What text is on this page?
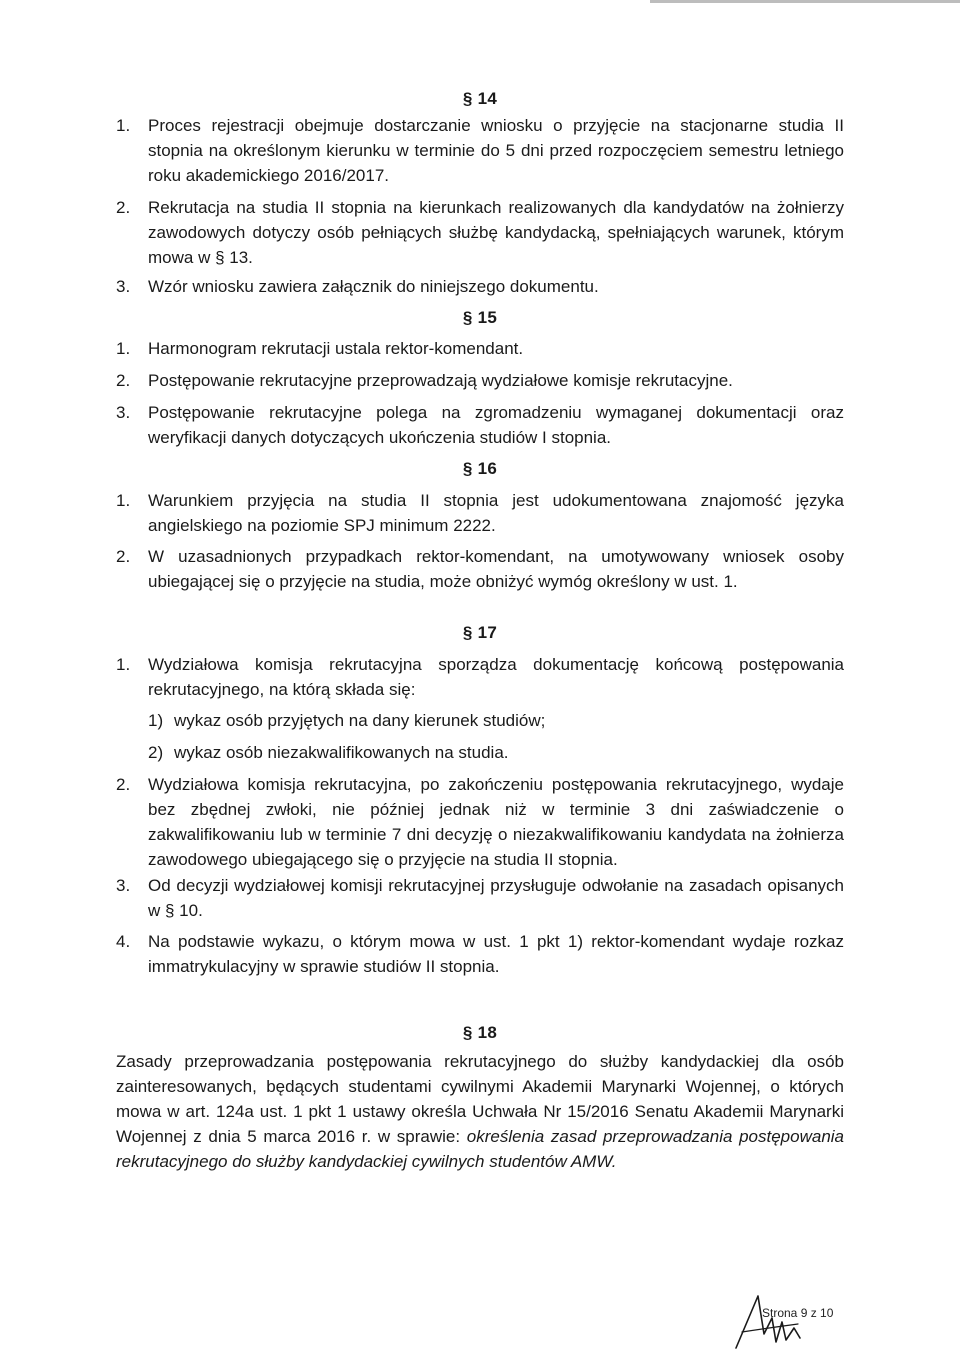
§ 14
1.	Proces rejestracji obejmuje dostarczanie wniosku o przyjęcie na stacjonarne studia II stopnia na określonym kierunku w terminie do 5 dni przed rozpoczęciem semestru letniego roku akademickiego 2016/2017.
2.	Rekrutacja na studia II stopnia na kierunkach realizowanych dla kandydatów na żołnierzy zawodowych dotyczy osób pełniących służbę kandydacką, spełniających warunek, którym mowa w § 13.
3.	Wzór wniosku zawiera załącznik do niniejszego dokumentu.
§ 15
1.	Harmonogram rekrutacji ustala rektor-komendant.
2.	Postępowanie rekrutacyjne przeprowadzają wydziałowe komisje rekrutacyjne.
3.	Postępowanie rekrutacyjne polega na zgromadzeniu wymaganej dokumentacji oraz weryfikacji danych dotyczących ukończenia studiów I stopnia.
§ 16
1.	Warunkiem przyjęcia na studia II stopnia jest udokumentowana znajomość języka angielskiego na poziomie SPJ minimum 2222.
2.	W uzasadnionych przypadkach rektor-komendant, na umotywowany wniosek osoby ubiegającej się o przyjęcie na studia, może obniżyć wymóg określony w ust. 1.
§ 17
1.	Wydziałowa komisja rekrutacyjna sporządza dokumentację końcową postępowania rekrutacyjnego, na którą składa się:
1) wykaz osób przyjętych na dany kierunek studiów;
2) wykaz osób niezakwalifikowanych na studia.
2.	Wydziałowa komisja rekrutacyjna, po zakończeniu postępowania rekrutacyjnego, wydaje bez zbędnej zwłoki, nie później jednak niż w terminie 3 dni zaświadczenie o zakwalifikowaniu lub w terminie 7 dni decyzję o niezakwalifikowaniu kandydata na żołnierza zawodowego ubiegającego się o przyjęcie na studia II stopnia.
3.	Od decyzji wydziałowej komisji rekrutacyjnej przysługuje odwołanie na zasadach opisanych w § 10.
4.	Na podstawie wykazu, o którym mowa w ust. 1 pkt 1) rektor-komendant wydaje rozkaz immatrykulacyjny w sprawie studiów II stopnia.
§ 18
Zasady przeprowadzania postępowania rekrutacyjnego do służby kandydackiej dla osób zainteresowanych, będących studentami cywilnymi Akademii Marynarki Wojennej, o których mowa w art. 124a ust. 1 pkt 1 ustawy określa Uchwała Nr 15/2016 Senatu Akademii Marynarki Wojennej z dnia 5 marca 2016 r. w sprawie: określenia zasad przeprowadzania postępowania rekrutacyjnego do służby kandydackiej cywilnych studentów AMW.
Strona 9 z 10
